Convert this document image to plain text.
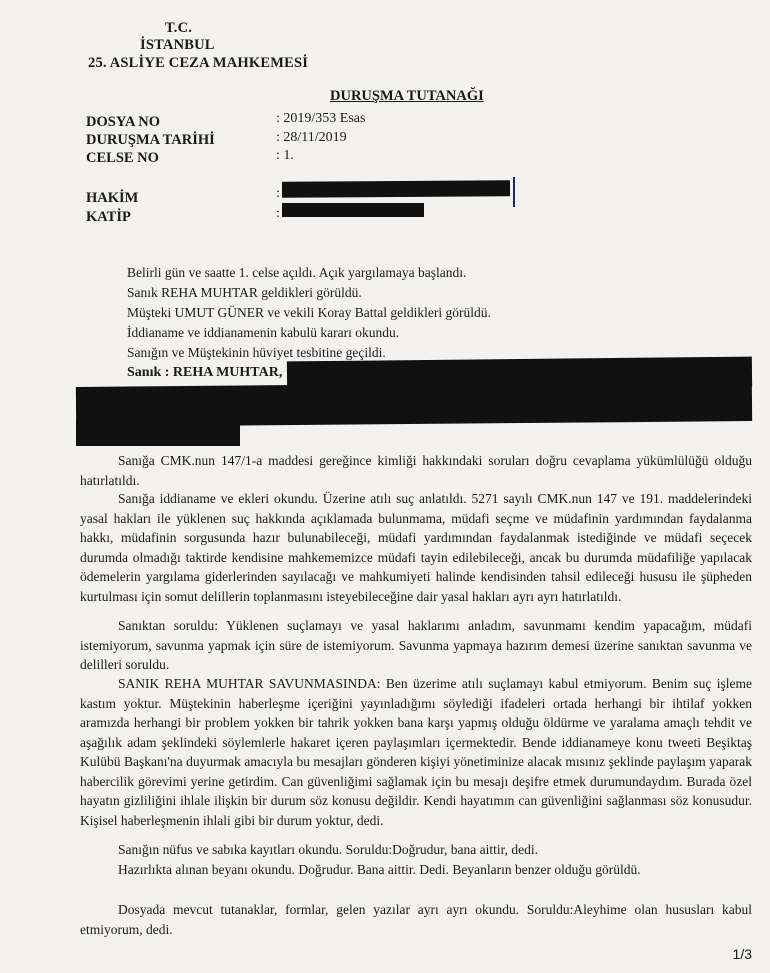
T.C.
İSTANBUL
25. ASLİYE CEZA MAHKEMESİ
DURUŞMA TUTANAĞI
DOSYA NO	: 2019/353 Esas
DURUŞMA TARİHİ	: 28/11/2019
CELSE NO	: 1.
HAKİM	:
KATİP	:
Belirli gün ve saatte 1. celse açıldı. Açık yargılamaya başlandı.
Sanık REHA MUHTAR geldikleri görüldü.
Müşteki UMUT GÜNER ve vekili Koray Battal geldikleri görüldü.
İddianame ve iddianamenin kabulü kararı okundu.
Sanığın ve Müştekinin hüviyet tesbitine geçildi.
Sanık : REHA MUHTAR,

Sanığa CMK.nun 147/1-a maddesi gereğince kimliği hakkındaki soruları doğru cevaplama yükümlülüğü olduğu hatırlatıldı.

Sanığa iddianame ve ekleri okundu. Üzerine atılı suç anlatıldı. 5271 sayılı CMK.nun 147 ve 191. maddelerindeki yasal hakları ile yüklenen suç hakkında açıklamada bulunmama, müdafi seçme ve müdafinin yardımından faydalanma hakkı, müdafinin sorgusunda hazır bulunabileceği, müdafi yardımından faydalanmak istediğinde ve müdafi seçecek durumda olmadığı taktirde kendisine mahkememizce müdafi tayin edilebileceği, ancak bu durumda müdafiliğe yapılacak ödemelerin yargılama giderlerinden sayılacağı ve mahkumiyeti halinde kendisinden tahsil edileceği hususu ile şüpheden kurtulması için somut delillerin toplanmasını isteyebileceğine dair yasal hakları ayrı ayrı hatırlatıldı.

Sanıktan soruldu: Yüklenen suçlamayı ve yasal haklarımı anladım, savunmamı kendim yapacağım, müdafi istemiyorum, savunma yapmak için süre de istemiyorum. Savunma yapmaya hazırım demesi üzerine sanıktan savunma ve delilleri soruldu.

SANIK REHA MUHTAR SAVUNMASINDA: Ben üzerime atılı suçlamayı kabul etmiyorum. Benim suç işleme kastım yoktur. Müştekinin haberleşme içeriğini yayınladığımı söylediği ifadeleri ortada herhangi bir ihtilaf yokken aramızda herhangi bir problem yokken bir tahrik yokken bana karşı yapmış olduğu öldürme ve yaralama amaçlı tehdit ve aşağılık adam şeklindeki söylemlerle hakaret içeren paylaşımları içermektedir. Bende iddianameye konu tweeti Beşiktaş Kulübü Başkanı'na duyurmak amacıyla bu mesajları gönderen kişiyi yönetiminize alacak mısınız şeklinde paylaşım yaparak habercilik görevimi yerine getirdim. Can güvenliğimi sağlamak için bu mesajı deşifre etmek durumundaydım. Burada özel hayatın gizliliğini ihlale ilişkin bir durum söz konusu değildir. Kendi hayatımın can güvenliğini sağlanması söz konusudur. Kişisel haberleşmenin ihlali gibi bir durum yoktur, dedi.

Sanığın nüfus ve sabıka kayıtları okundu. Soruldu:Doğrudur, bana aittir, dedi.

Hazırlıkta alınan beyanı okundu. Doğrudur. Bana aittir. Dedi. Beyanların benzer olduğu görüldü.

Dosyada mevcut tutanaklar, formlar, gelen yazılar ayrı ayrı okundu. Soruldu:Aleyhime olan hususları kabul etmiyorum, dedi.

1/3
